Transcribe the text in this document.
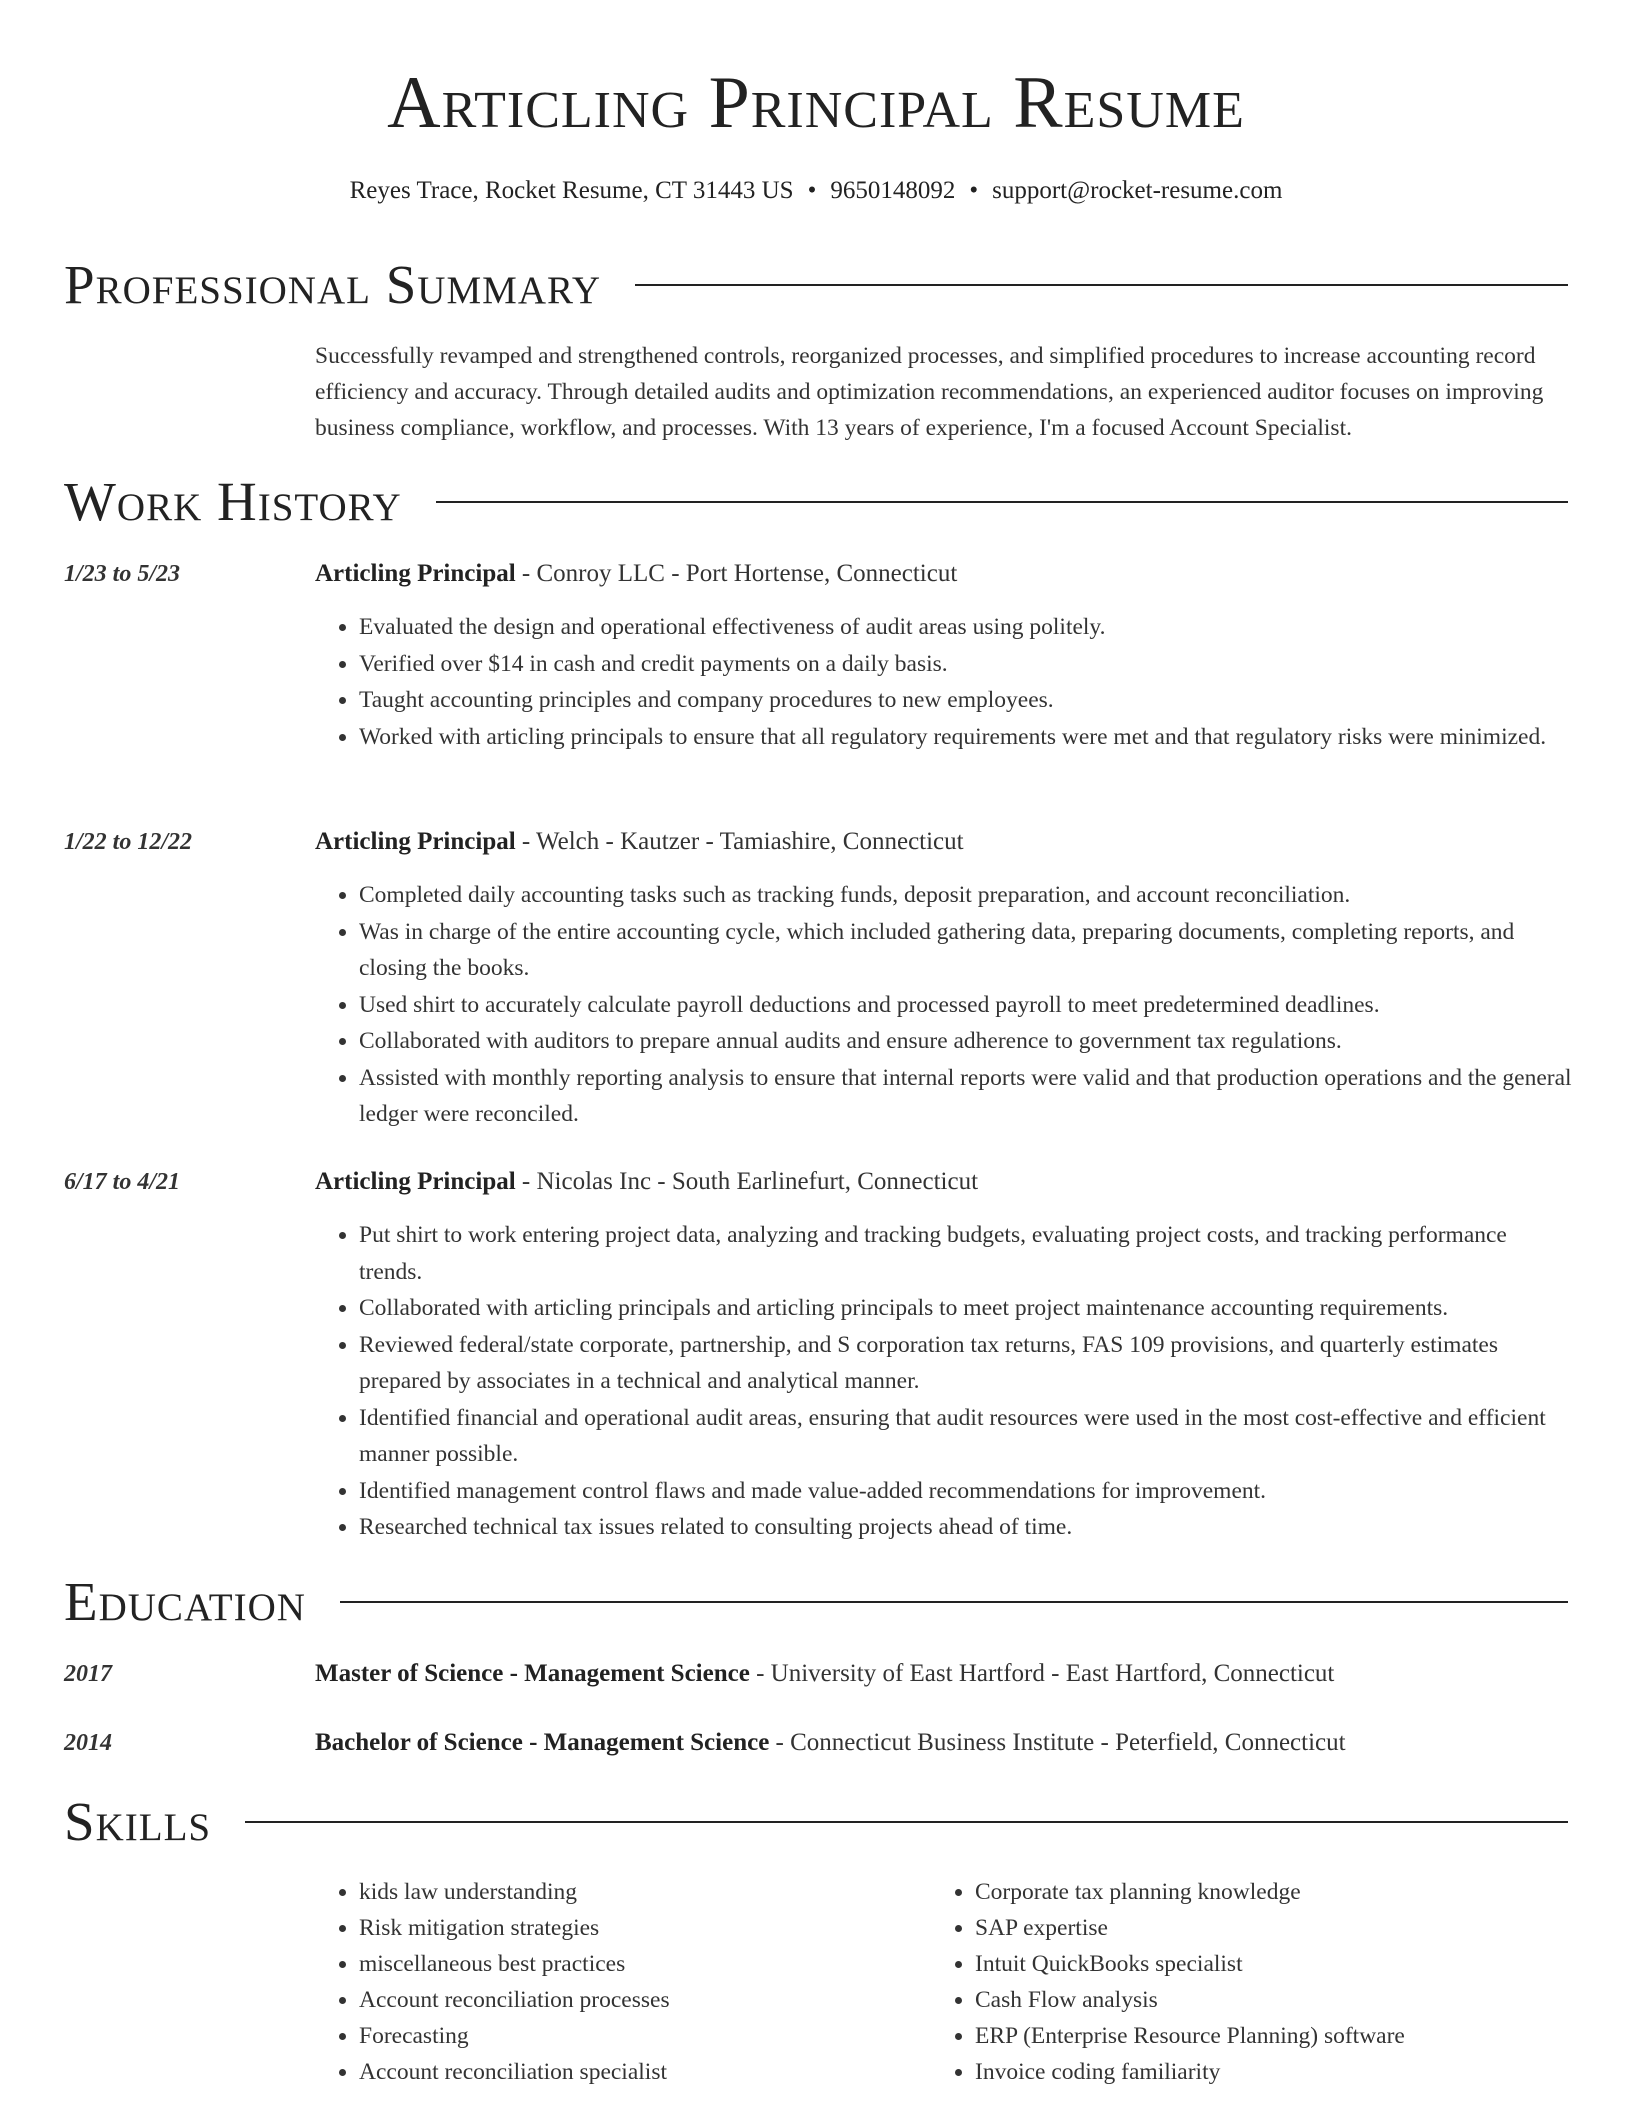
Articling Principal Resume
Reyes Trace, Rocket Resume, CT 31443 US • 9650148092 • support@rocket-resume.com
Professional Summary
Successfully revamped and strengthened controls, reorganized processes, and simplified procedures to increase accounting record efficiency and accuracy. Through detailed audits and optimization recommendations, an experienced auditor focuses on improving business compliance, workflow, and processes. With 13 years of experience, I'm a focused Account Specialist.
Work History
1/23 to 5/23	Articling Principal - Conroy LLC - Port Hortense, Connecticut
• Evaluated the design and operational effectiveness of audit areas using politely.
• Verified over $14 in cash and credit payments on a daily basis.
• Taught accounting principles and company procedures to new employees.
• Worked with articling principals to ensure that all regulatory requirements were met and that regulatory risks were minimized.
1/22 to 12/22	Articling Principal - Welch - Kautzer - Tamiashire, Connecticut
• Completed daily accounting tasks such as tracking funds, deposit preparation, and account reconciliation.
• Was in charge of the entire accounting cycle, which included gathering data, preparing documents, completing reports, and closing the books.
• Used shirt to accurately calculate payroll deductions and processed payroll to meet predetermined deadlines.
• Collaborated with auditors to prepare annual audits and ensure adherence to government tax regulations.
• Assisted with monthly reporting analysis to ensure that internal reports were valid and that production operations and the general ledger were reconciled.
6/17 to 4/21	Articling Principal - Nicolas Inc - South Earlinefurt, Connecticut
• Put shirt to work entering project data, analyzing and tracking budgets, evaluating project costs, and tracking performance trends.
• Collaborated with articling principals and articling principals to meet project maintenance accounting requirements.
• Reviewed federal/state corporate, partnership, and S corporation tax returns, FAS 109 provisions, and quarterly estimates prepared by associates in a technical and analytical manner.
• Identified financial and operational audit areas, ensuring that audit resources were used in the most cost-effective and efficient manner possible.
• Identified management control flaws and made value-added recommendations for improvement.
• Researched technical tax issues related to consulting projects ahead of time.
Education
2017	Master of Science - Management Science - University of East Hartford - East Hartford, Connecticut
2014	Bachelor of Science - Management Science - Connecticut Business Institute - Peterfield, Connecticut
Skills
• kids law understanding
• Risk mitigation strategies
• miscellaneous best practices
• Account reconciliation processes
• Forecasting
• Account reconciliation specialist
• Corporate tax planning knowledge
• SAP expertise
• Intuit QuickBooks specialist
• Cash Flow analysis
• ERP (Enterprise Resource Planning) software
• Invoice coding familiarity
